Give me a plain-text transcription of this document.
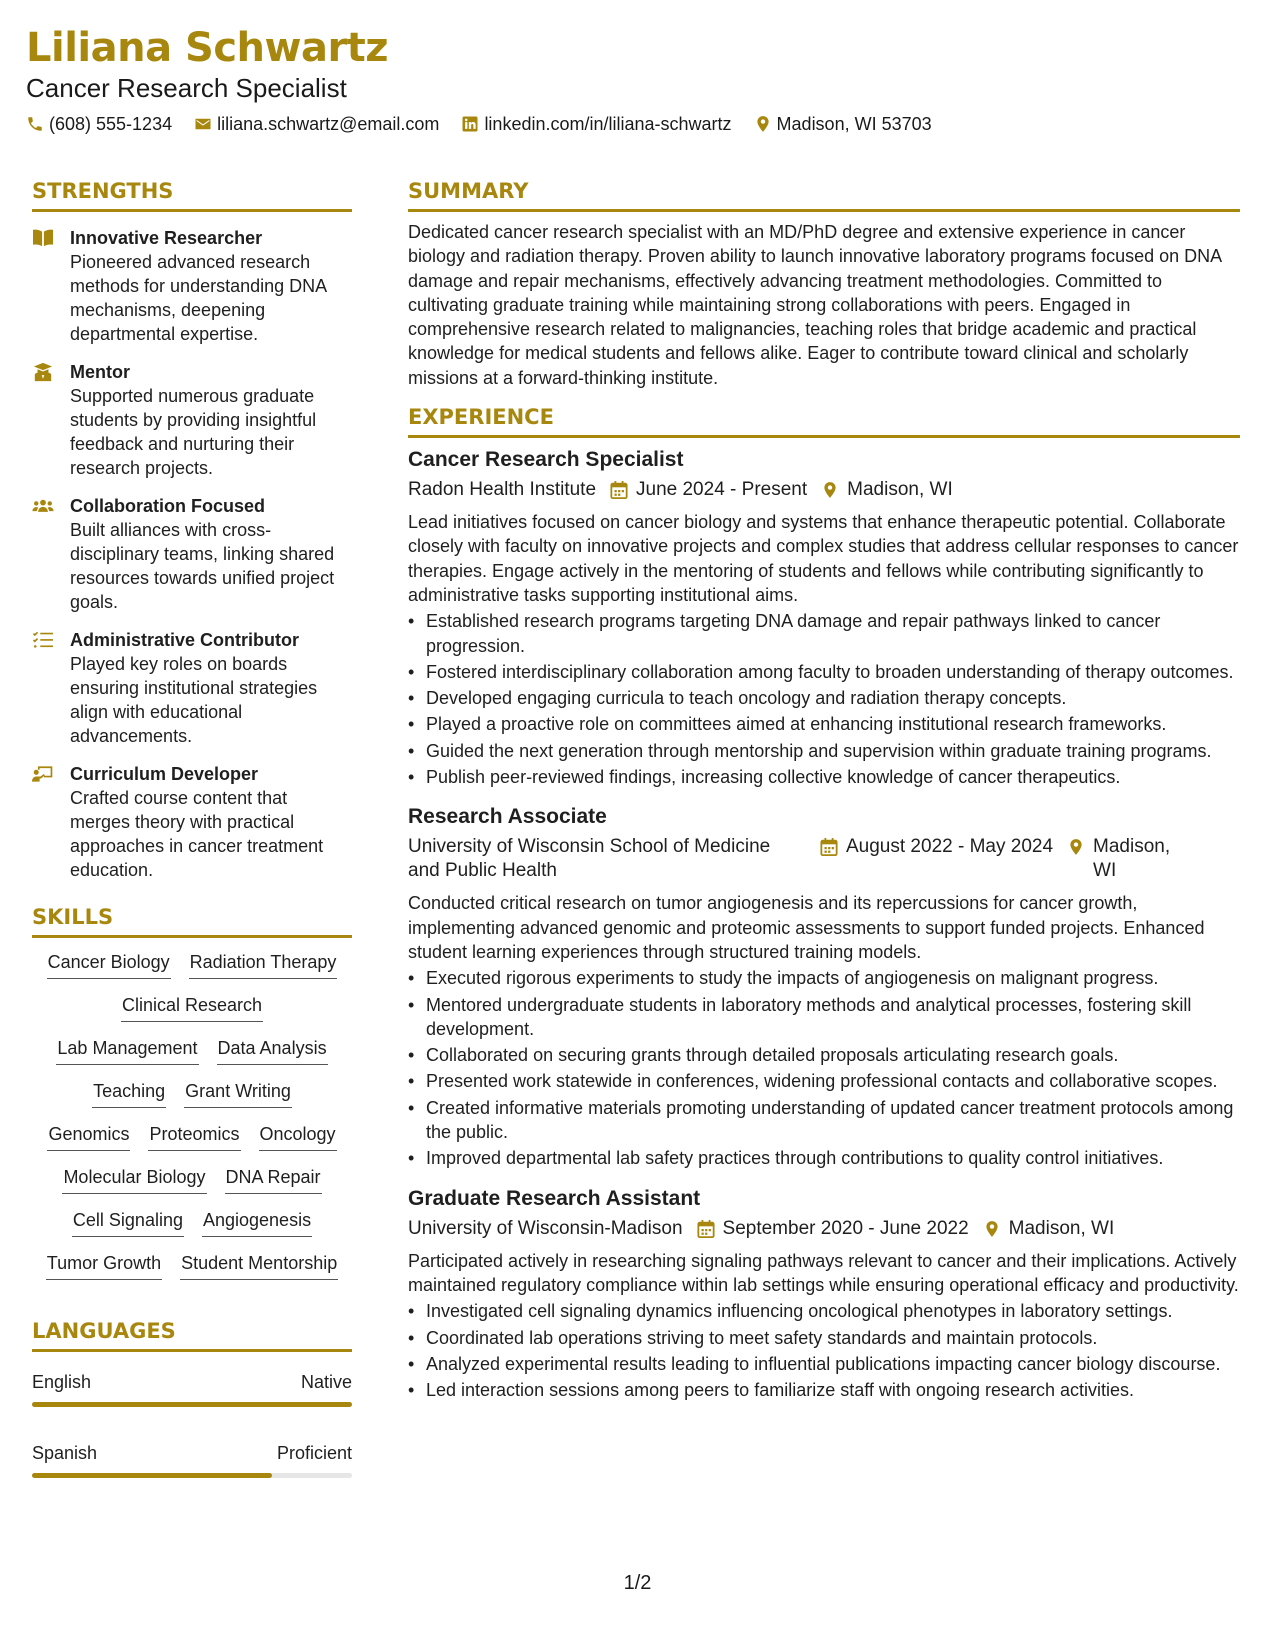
Liliana Schwartz
Cancer Research Specialist
(608) 555-1234	liliana.schwartz@email.com	linkedin.com/in/liliana-schwartz	Madison, WI 53703
STRENGTHS
Innovative Researcher
Pioneered advanced research methods for understanding DNA mechanisms, deepening departmental expertise.
Mentor
Supported numerous graduate students by providing insightful feedback and nurturing their research projects.
Collaboration Focused
Built alliances with cross-disciplinary teams, linking shared resources towards unified project goals.
Administrative Contributor
Played key roles on boards ensuring institutional strategies align with educational advancements.
Curriculum Developer
Crafted course content that merges theory with practical approaches in cancer treatment education.
SKILLS
Cancer Biology Radiation Therapy
Clinical Research
Lab Management Data Analysis
Teaching Grant Writing
Genomics Proteomics Oncology
Molecular Biology DNA Repair
Cell Signaling Angiogenesis
Tumor Growth Student Mentorship
LANGUAGES
English	Native
Spanish	Proficient
SUMMARY
Dedicated cancer research specialist with an MD/PhD degree and extensive experience in cancer biology and radiation therapy. Proven ability to launch innovative laboratory programs focused on DNA damage and repair mechanisms, effectively advancing treatment methodologies. Committed to cultivating graduate training while maintaining strong collaborations with peers. Engaged in comprehensive research related to malignancies, teaching roles that bridge academic and practical knowledge for medical students and fellows alike. Eager to contribute toward clinical and scholarly missions at a forward-thinking institute.
EXPERIENCE
Cancer Research Specialist
Radon Health Institute June 2024 - Present Madison, WI
Lead initiatives focused on cancer biology and systems that enhance therapeutic potential. Collaborate closely with faculty on innovative projects and complex studies that address cellular responses to cancer therapies. Engage actively in the mentoring of students and fellows while contributing significantly to administrative tasks supporting institutional aims.
• Established research programs targeting DNA damage and repair pathways linked to cancer progression.
• Fostered interdisciplinary collaboration among faculty to broaden understanding of therapy outcomes.
• Developed engaging curricula to teach oncology and radiation therapy concepts.
• Played a proactive role on committees aimed at enhancing institutional research frameworks.
• Guided the next generation through mentorship and supervision within graduate training programs.
• Publish peer-reviewed findings, increasing collective knowledge of cancer therapeutics.
Research Associate
University of Wisconsin School of Medicine and Public Health
August 2022 - May 2024 Madison, WI
Conducted critical research on tumor angiogenesis and its repercussions for cancer growth, implementing advanced genomic and proteomic assessments to support funded projects. Enhanced student learning experiences through structured training models.
• Executed rigorous experiments to study the impacts of angiogenesis on malignant progress.
• Mentored undergraduate students in laboratory methods and analytical processes, fostering skill development.
• Collaborated on securing grants through detailed proposals articulating research goals.
• Presented work statewide in conferences, widening professional contacts and collaborative scopes.
• Created informative materials promoting understanding of updated cancer treatment protocols among the public.
• Improved departmental lab safety practices through contributions to quality control initiatives.
Graduate Research Assistant
University of Wisconsin-Madison September 2020 - June 2022 Madison, WI
Participated actively in researching signaling pathways relevant to cancer and their implications. Actively maintained regulatory compliance within lab settings while ensuring operational efficacy and productivity.
• Investigated cell signaling dynamics influencing oncological phenotypes in laboratory settings.
• Coordinated lab operations striving to meet safety standards and maintain protocols.
• Analyzed experimental results leading to influential publications impacting cancer biology discourse.
• Led interaction sessions among peers to familiarize staff with ongoing research activities.
1/2
